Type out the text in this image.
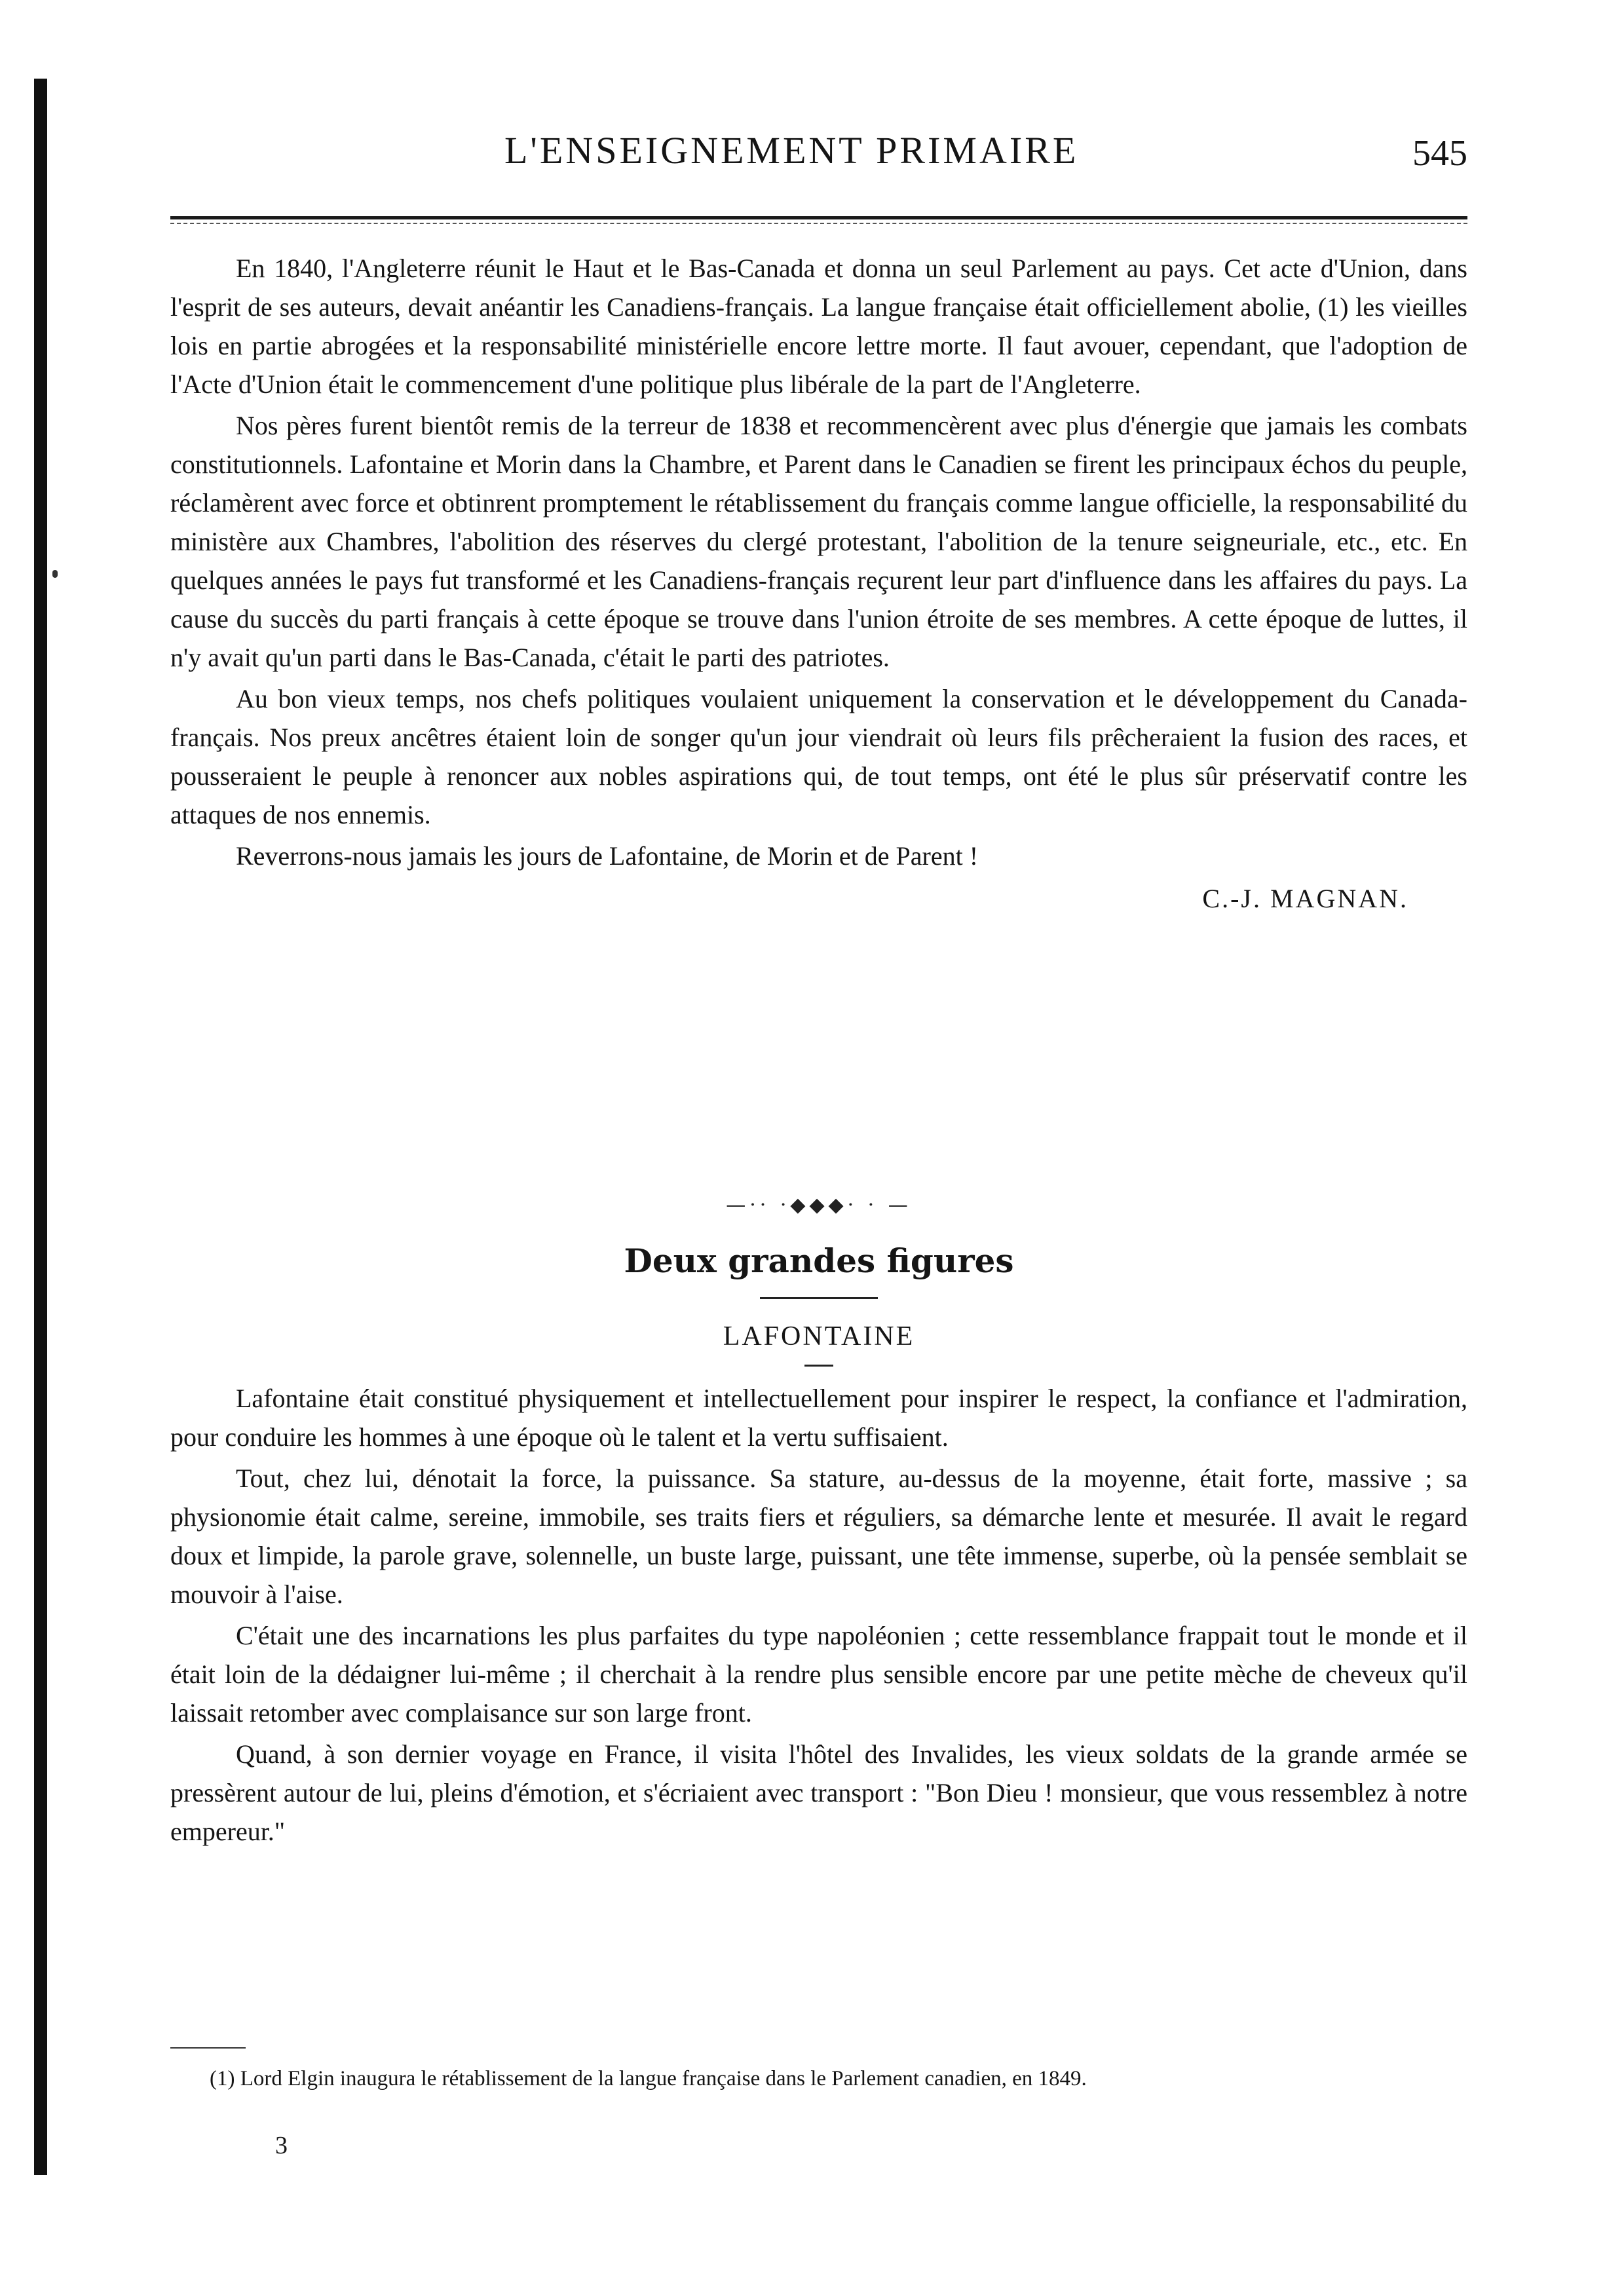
L'ENSEIGNEMENT PRIMAIRE	545

En 1840, l'Angleterre réunit le Haut et le Bas-Canada et donna un seul Parlement au pays. Cet acte d'Union, dans l'esprit de ses auteurs, devait anéantir les Canadiens-français. La langue française était officiellement abolie, (1) les vieilles lois en partie abrogées et la responsabilité ministérielle encore lettre morte. Il faut avouer, cependant, que l'adoption de l'Acte d'Union était le commencement d'une politique plus libérale de la part de l'Angleterre.

Nos pères furent bientôt remis de la terreur de 1838 et recommencèrent avec plus d'énergie que jamais les combats constitutionnels. Lafontaine et Morin dans la Chambre, et Parent dans le Canadien se firent les principaux échos du peuple, réclamèrent avec force et obtinrent promptement le rétablissement du français comme langue officielle, la responsabilité du ministère aux Chambres, l'abolition des réserves du clergé protestant, l'abolition de la tenure seigneuriale, etc., etc. En quelques années le pays fut transformé et les Canadiens-français reçurent leur part d'influence dans les affaires du pays. La cause du succès du parti français à cette époque se trouve dans l'union étroite de ses membres. A cette époque de luttes, il n'y avait qu'un parti dans le Bas-Canada, c'était le parti des patriotes.

Au bon vieux temps, nos chefs politiques voulaient uniquement la conservation et le développement du Canada-français. Nos preux ancêtres étaient loin de songer qu'un jour viendrait où leurs fils prêcheraient la fusion des races, et pousseraient le peuple à renoncer aux nobles aspirations qui, de tout temps, ont été le plus sûr préservatif contre les attaques de nos ennemis.

Reverrons-nous jamais les jours de Lafontaine, de Morin et de Parent !

C.-J. MAGNAN.
—·· ·◆◆◆· · —
Deux grandes figures
LAFONTAINE

Lafontaine était constitué physiquement et intellectuellement pour inspirer le respect, la confiance et l'admiration, pour conduire les hommes à une époque où le talent et la vertu suffisaient.

Tout, chez lui, dénotait la force, la puissance. Sa stature, au-dessus de la moyenne, était forte, massive ; sa physionomie était calme, sereine, immobile, ses traits fiers et réguliers, sa démarche lente et mesurée. Il avait le regard doux et limpide, la parole grave, solennelle, un buste large, puissant, une tête immense, superbe, où la pensée semblait se mouvoir à l'aise.

C'était une des incarnations les plus parfaites du type napoléonien ; cette ressemblance frappait tout le monde et il était loin de la dédaigner lui-même ; il cherchait à la rendre plus sensible encore par une petite mèche de cheveux qu'il laissait retomber avec complaisance sur son large front.

Quand, à son dernier voyage en France, il visita l'hôtel des Invalides, les vieux soldats de la grande armée se pressèrent autour de lui, pleins d'émotion, et s'écriaient avec transport : "Bon Dieu ! monsieur, que vous ressemblez à notre empereur."

(1) Lord Elgin inaugura le rétablissement de la langue française dans le Parlement canadien, en 1849.
3
